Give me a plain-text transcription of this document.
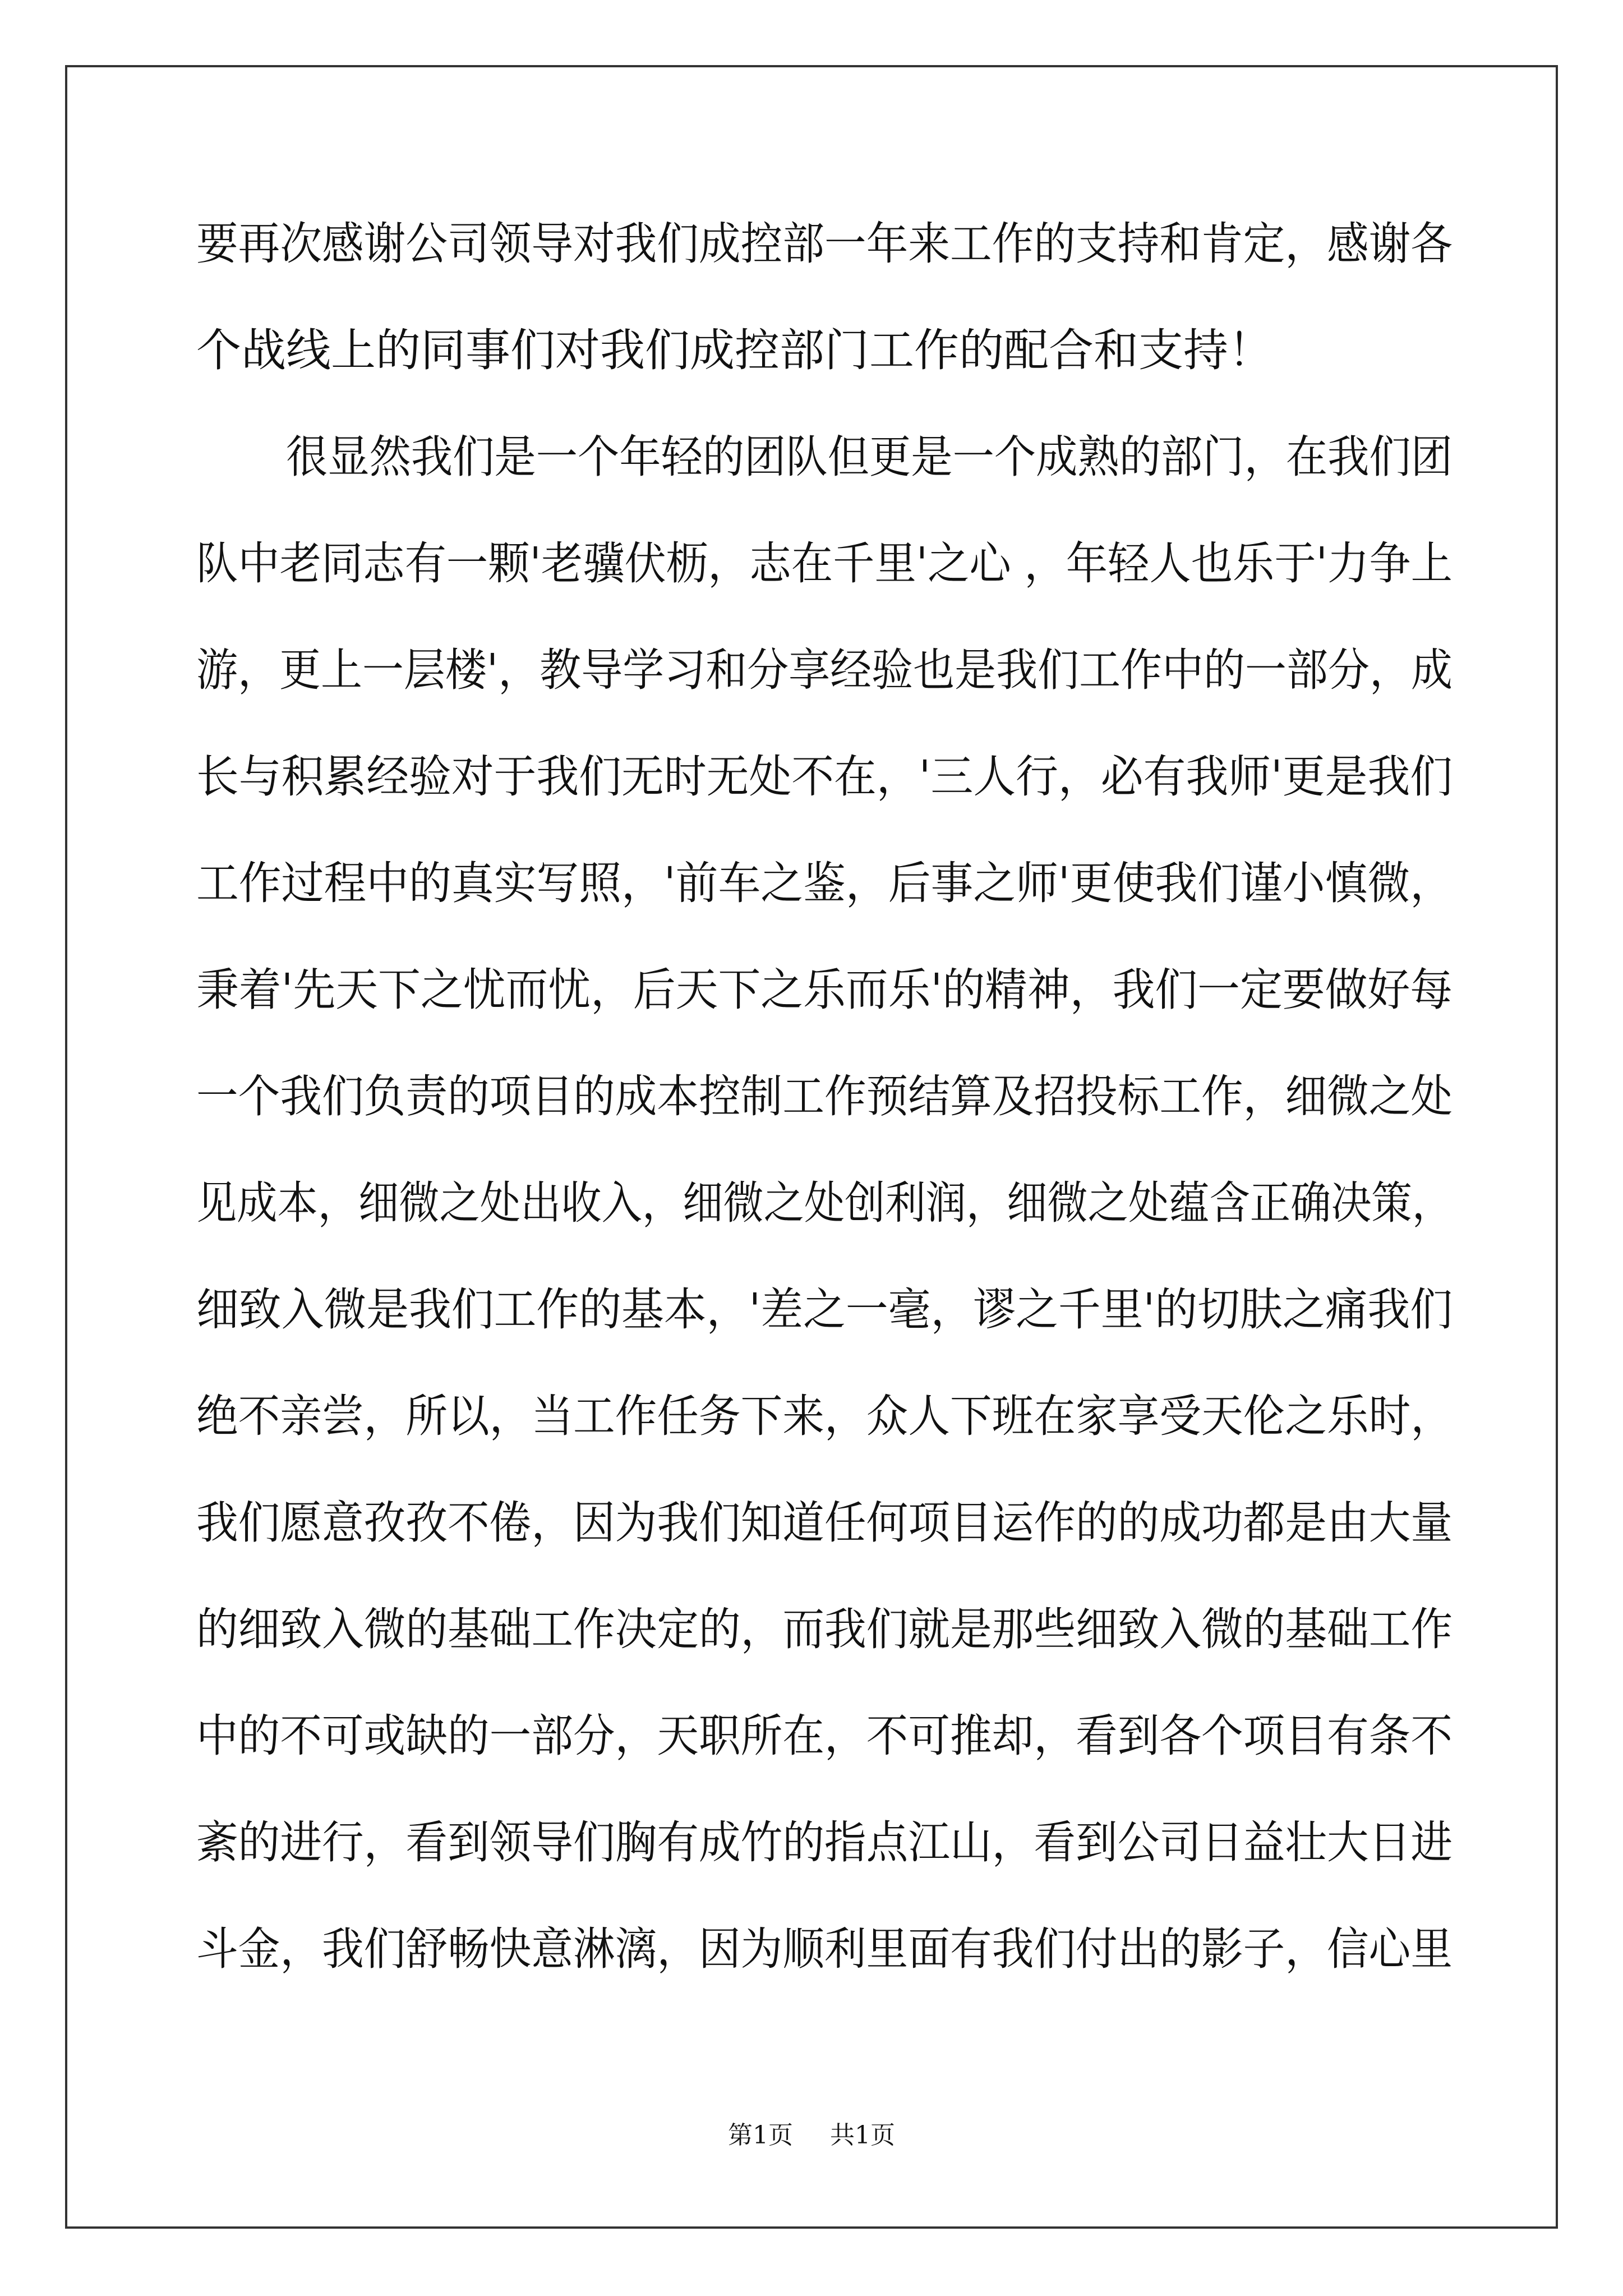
要再次感谢公司领导对我们成控部一年来工作的支持和肯定，感谢各
个战线上的同事们对我们成控部门工作的配合和支持！
很显然我们是一个年轻的团队但更是一个成熟的部门，在我们团
队中老同志有一颗'老骥伏枥，志在千里'之心 ，年轻人也乐于'力争上
游，更上一层楼'，教导学习和分享经验也是我们工作中的一部分，成
长与积累经验对于我们无时无处不在，'三人行，必有我师'更是我们
工作过程中的真实写照，'前车之鉴，后事之师'更使我们谨小慎微，
秉着'先天下之忧而忧，后天下之乐而乐'的精神，我们一定要做好每
一个我们负责的项目的成本控制工作预结算及招投标工作，细微之处
见成本，细微之处出收入，细微之处创利润，细微之处蕴含正确决策，
细致入微是我们工作的基本，'差之一毫，谬之千里'的切肤之痛我们
绝不亲尝，所以，当工作任务下来，众人下班在家享受天伦之乐时，
我们愿意孜孜不倦，因为我们知道任何项目运作的的成功都是由大量
的细致入微的基础工作决定的，而我们就是那些细致入微的基础工作
中的不可或缺的一部分，天职所在，不可推却，看到各个项目有条不
紊的进行，看到领导们胸有成竹的指点江山，看到公司日益壮大日进
斗金，我们舒畅快意淋漓，因为顺利里面有我们付出的影子，信心里
第1页 共1页
